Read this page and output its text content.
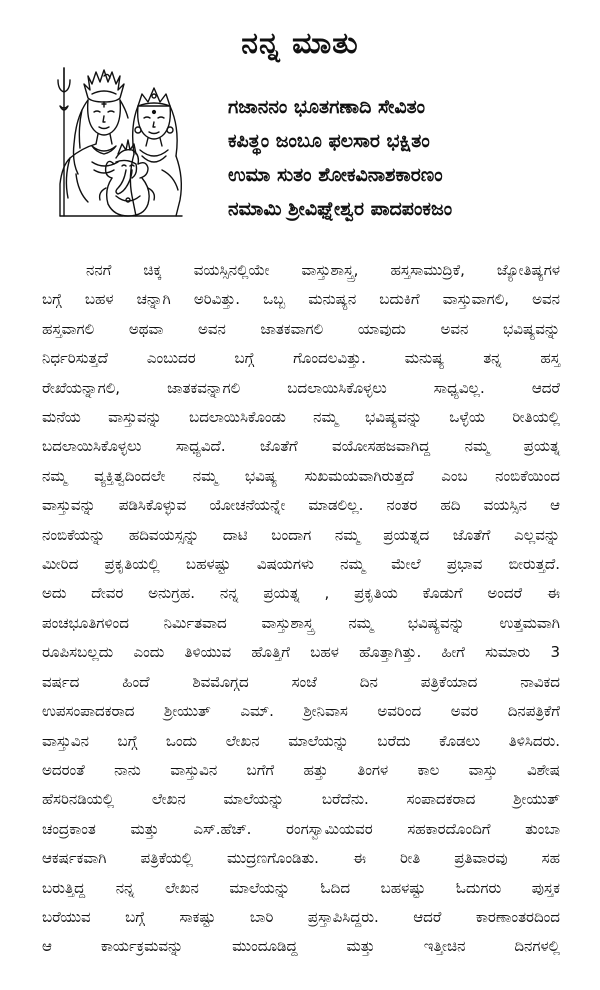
ನನ್ನ ಮಾತು
ಗಜಾನನಂ ಭೂತಗಣಾದಿ ಸೇವಿತಂ
ಕಪಿತ್ಥಂ ಜಂಬೂ ಫಲಸಾರ ಭಕ್ಷಿತಂ
ಉಮಾ ಸುತಂ ಶೋಕವಿನಾಶಕಾರಣಂ
ನಮಾಮಿ ಶ್ರೀವಿಘ್ನೇಶ್ವರ ಪಾದಪಂಕಜಂ
ನನಗೆ ಚಿಕ್ಕ ವಯಸ್ಸಿನಲ್ಲಿಯೇ ವಾಸ್ತುಶಾಸ್ತ್ರ, ಹಸ್ತಸಾಮುದ್ರಿಕೆ, ಜ್ಯೋತಿಷ್ಯಗಳ
ಬಗ್ಗೆ ಬಹಳ ಚನ್ನಾಗಿ ಅರಿವಿತ್ತು. ಒಬ್ಬ ಮನುಷ್ಯನ ಬದುಕಿಗೆ ವಾಸ್ತುವಾಗಲಿ, ಅವನ
ಹಸ್ತವಾಗಲಿ ಅಥವಾ ಅವನ ಜಾತಕವಾಗಲಿ ಯಾವುದು ಅವನ ಭವಿಷ್ಯವನ್ನು
ನಿರ್ಧರಿಸುತ್ತದೆ ಎಂಬುದರ ಬಗ್ಗೆ ಗೊಂದಲವಿತ್ತು. ಮನುಷ್ಯ ತನ್ನ ಹಸ್ತ
ರೇಖೆಯನ್ನಾಗಲಿ, ಜಾತಕವನ್ನಾಗಲಿ ಬದಲಾಯಿಸಿಕೊಳ್ಳಲು ಸಾಧ್ಯವಿಲ್ಲ. ಆದರೆ
ಮನೆಯ ವಾಸ್ತುವನ್ನು ಬದಲಾಯಿಸಿಕೊಂಡು ನಮ್ಮ ಭವಿಷ್ಯವನ್ನು ಒಳ್ಳೆಯ ರೀತಿಯಲ್ಲಿ
ಬದಲಾಯಿಸಿಕೊಳ್ಳಲು ಸಾಧ್ಯವಿದೆ. ಜೊತೆಗೆ ವಯೋಸಹಜವಾಗಿದ್ದ ನಮ್ಮ ಪ್ರಯತ್ನ
ನಮ್ಮ ವ್ಯಕ್ತಿತ್ವದಿಂದಲೇ ನಮ್ಮ ಭವಿಷ್ಯ ಸುಖಮಯವಾಗಿರುತ್ತದೆ ಎಂಬ ನಂಬಿಕೆಯಿಂದ
ವಾಸ್ತುವನ್ನು ಪಡಿಸಿಕೊಳ್ಳುವ ಯೋಚನೆಯನ್ನೇ ಮಾಡಲಿಲ್ಲ. ನಂತರ ಹದಿ ವಯಸ್ಸಿನ ಆ
ನಂಬಿಕೆಯನ್ನು ಹದಿವಯಸ್ಸನ್ನು ದಾಟಿ ಬಂದಾಗ ನಮ್ಮ ಪ್ರಯತ್ನದ ಜೊತೆಗೆ ಎಲ್ಲವನ್ನು
ಮೀರಿದ ಪ್ರಕೃತಿಯಲ್ಲಿ ಬಹಳಷ್ಟು ವಿಷಯಗಳು ನಮ್ಮ ಮೇಲೆ ಪ್ರಭಾವ ಬೀರುತ್ತದೆ.
ಅದು ದೇವರ ಅನುಗ್ರಹ. ನನ್ನ ಪ್ರಯತ್ನ , ಪ್ರಕೃತಿಯ ಕೊಡುಗೆ ಅಂದರೆ ಈ
ಪಂಚಭೂತಿಗಳಿಂದ ನಿರ್ಮಿತವಾದ ವಾಸ್ತುಶಾಸ್ತ್ರ ನಮ್ಮ ಭವಿಷ್ಯವನ್ನು ಉತ್ತಮವಾಗಿ
ರೂಪಿಸಬಲ್ಲದು ಎಂದು ತಿಳಿಯುವ ಹೊತ್ತಿಗೆ ಬಹಳ ಹೊತ್ತಾಗಿತ್ತು. ಹೀಗೆ ಸುಮಾರು 3
ವರ್ಷದ ಹಿಂದೆ ಶಿವಮೊಗ್ಗದ ಸಂಜೆ ದಿನ ಪತ್ರಿಕೆಯಾದ ನಾವಿಕದ
ಉಪಸಂಪಾದಕರಾದ ಶ್ರೀಯುತ್ ಎಮ್. ಶ್ರೀನಿವಾಸ ಅವರಿಂದ ಅವರ ದಿನಪತ್ರಿಕೆಗೆ
ವಾಸ್ತುವಿನ ಬಗ್ಗೆ ಒಂದು ಲೇಖನ ಮಾಲೆಯನ್ನು ಬರೆದು ಕೊಡಲು ತಿಳಿಸಿದರು.
ಅದರಂತೆ ನಾನು ವಾಸ್ತುವಿನ ಬಗೆಗೆ ಹತ್ತು ತಿಂಗಳ ಕಾಲ ವಾಸ್ತು ವಿಶೇಷ
ಹೆಸರಿನಡಿಯಲ್ಲಿ ಲೇಖನ ಮಾಲೆಯನ್ನು ಬರೆದೆನು. ಸಂಪಾದಕರಾದ ಶ್ರೀಯುತ್
ಚಂದ್ರಕಾಂತ ಮತ್ತು ಎಸ್.ಹೆಚ್. ರಂಗಸ್ವಾಮಿಯವರ ಸಹಕಾರದೊಂದಿಗೆ ತುಂಬಾ
ಆಕರ್ಷಕವಾಗಿ ಪತ್ರಿಕೆಯಲ್ಲಿ ಮುದ್ರಣಗೊಂಡಿತು. ಈ ರೀತಿ ಪ್ರತಿವಾರವು ಸಹ
ಬರುತ್ತಿದ್ದ ನನ್ನ ಲೇಖನ ಮಾಲೆಯನ್ನು ಓದಿದ ಬಹಳಷ್ಟು ಓದುಗರು ಪುಸ್ತಕ
ಬರೆಯುವ ಬಗ್ಗೆ ಸಾಕಷ್ಟು ಬಾರಿ ಪ್ರಸ್ತಾಪಿಸಿದ್ದರು. ಆದರೆ ಕಾರಣಾಂತರದಿಂದ
ಆ ಕಾರ್ಯಕ್ರಮವನ್ನು ಮುಂದೂಡಿದ್ದ ಮತ್ತು ಇತ್ತೀಚಿನ ದಿನಗಳಲ್ಲಿ
